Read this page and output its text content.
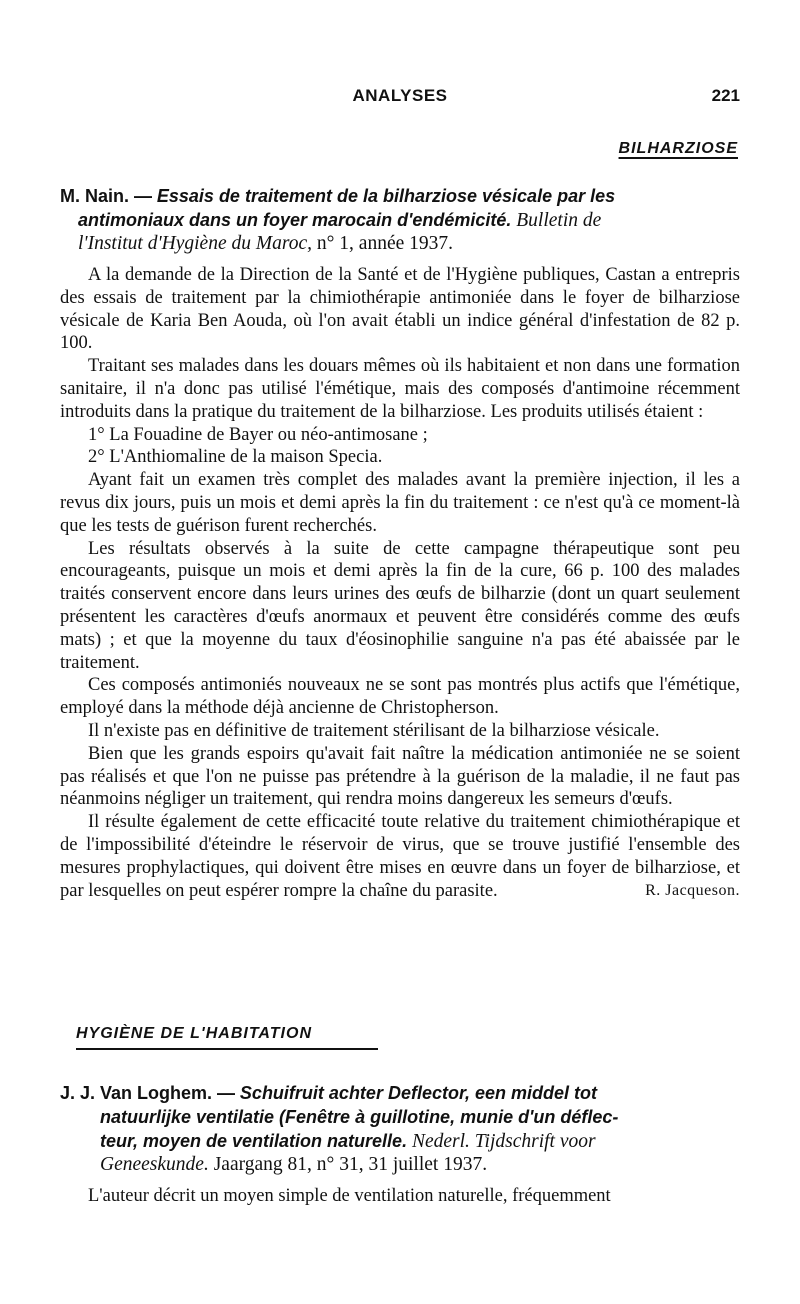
ANALYSES	221
BILHARZIOSE
M. Nain. — Essais de traitement de la bilharziose vésicale par les
antimoniaux dans un foyer marocain d'endémicité. Bulletin de
l'Institut d'Hygiène du Maroc, n° 1, année 1937.

A la demande de la Direction de la Santé et de l'Hygiène publiques, Castan a entrepris des essais de traitement par la chimiothérapie antimoniée dans le foyer de bilharziose vésicale de Karia Ben Aouda, où l'on avait établi un indice général d'infestation de 82 p. 100.

Traitant ses malades dans les douars mêmes où ils habitaient et non dans une formation sanitaire, il n'a donc pas utilisé l'émétique, mais des composés d'antimoine récemment introduits dans la pratique du traitement de la bilharziose. Les produits utilisés étaient :

1° La Fouadine de Bayer ou néo-antimosane ;

2° L'Anthiomaline de la maison Specia.

Ayant fait un examen très complet des malades avant la première injection, il les a revus dix jours, puis un mois et demi après la fin du traitement : ce n'est qu'à ce moment-là que les tests de guérison furent recherchés.

Les résultats observés à la suite de cette campagne thérapeutique sont peu encourageants, puisque un mois et demi après la fin de la cure, 66 p. 100 des malades traités conservent encore dans leurs urines des œufs de bilharzie (dont un quart seulement présentent les caractères d'œufs anormaux et peuvent être considérés comme des œufs mats) ; et que la moyenne du taux d'éosinophilie sanguine n'a pas été abaissée par le traitement.

Ces composés antimoniés nouveaux ne se sont pas montrés plus actifs que l'émétique, employé dans la méthode déjà ancienne de Christopherson.

Il n'existe pas en définitive de traitement stérilisant de la bilharziose vésicale.

Bien que les grands espoirs qu'avait fait naître la médication antimoniée ne se soient pas réalisés et que l'on ne puisse pas prétendre à la guérison de la maladie, il ne faut pas néanmoins négliger un traitement, qui rendra moins dangereux les semeurs d'œufs.

Il résulte également de cette efficacité toute relative du traitement chimiothérapique et de l'impossibilité d'éteindre le réservoir de virus, que se trouve justifié l'ensemble des mesures prophylactiques, qui doivent être mises en œuvre dans un foyer de bilharziose, et par lesquelles on peut espérer rompre la chaîne du parasite.	R. Jacqueson.

HYGIÈNE DE L'HABITATION
J. J. Van Loghem. — Schuifruit achter Deflector, een middel tot
natuurlijke ventilatie (Fenêtre à guillotine, munie d'un déflec-
teur, moyen de ventilation naturelle. Nederl. Tijdschrift voor
Geneeskunde. Jaargang 81, n° 31, 31 juillet 1937.

L'auteur décrit un moyen simple de ventilation naturelle, fréquemment
